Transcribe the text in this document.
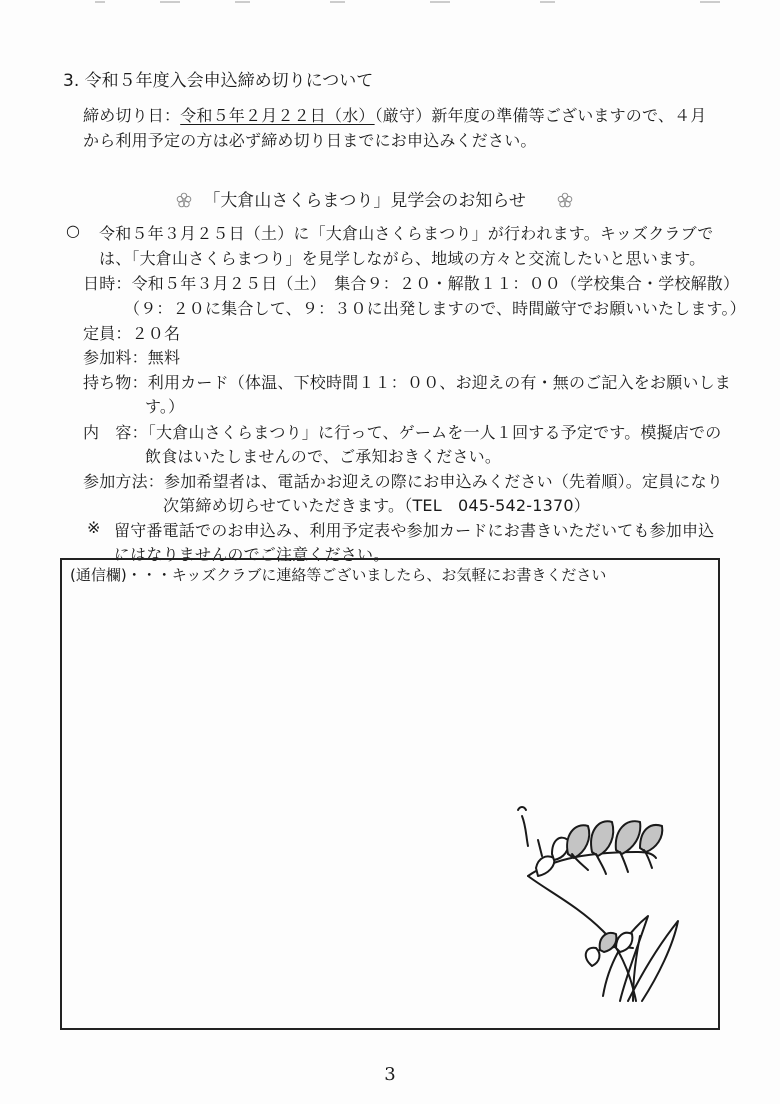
3. 令和５年度入会申込締め切りについて
締め切り日：令和５年２月２２日（水）（厳守）新年度の準備等ございますので、４月
から利用予定の方は必ず締め切り日までにお申込みください。
「大倉山さくらまつり」見学会のお知らせ
○ 令和５年３月２５日（土）に「大倉山さくらまつり」が行われます。キッズクラブで
は、「大倉山さくらまつり」を見学しながら、地域の方々と交流したいと思います。
日時：令和５年３月２５日（土）　集合９：２０・解散１１：００（学校集合・学校解散）
（９：２０に集合して、９：３０に出発しますので、時間厳守でお願いいたします。）
定員：２０名
参加料：無料
持ち物：利用カード（体温、下校時間１１：００、お迎えの有・無のご記入をお願いしま
す。）
内　容：「大倉山さくらまつり」に行って、ゲームを一人１回する予定です。模擬店での
飲食はいたしませんので、ご承知おきください。
参加方法：参加希望者は、電話かお迎えの際にお申込みください（先着順）。定員になり
次第締め切らせていただきます。（TEL　045-542-1370）
※ 留守番電話でのお申込み、利用予定表や参加カードにお書きいただいても参加申込
にはなりませんのでご注意ください。
(通信欄)・・・キッズクラブに連絡等ございましたら、お気軽にお書きください
3
